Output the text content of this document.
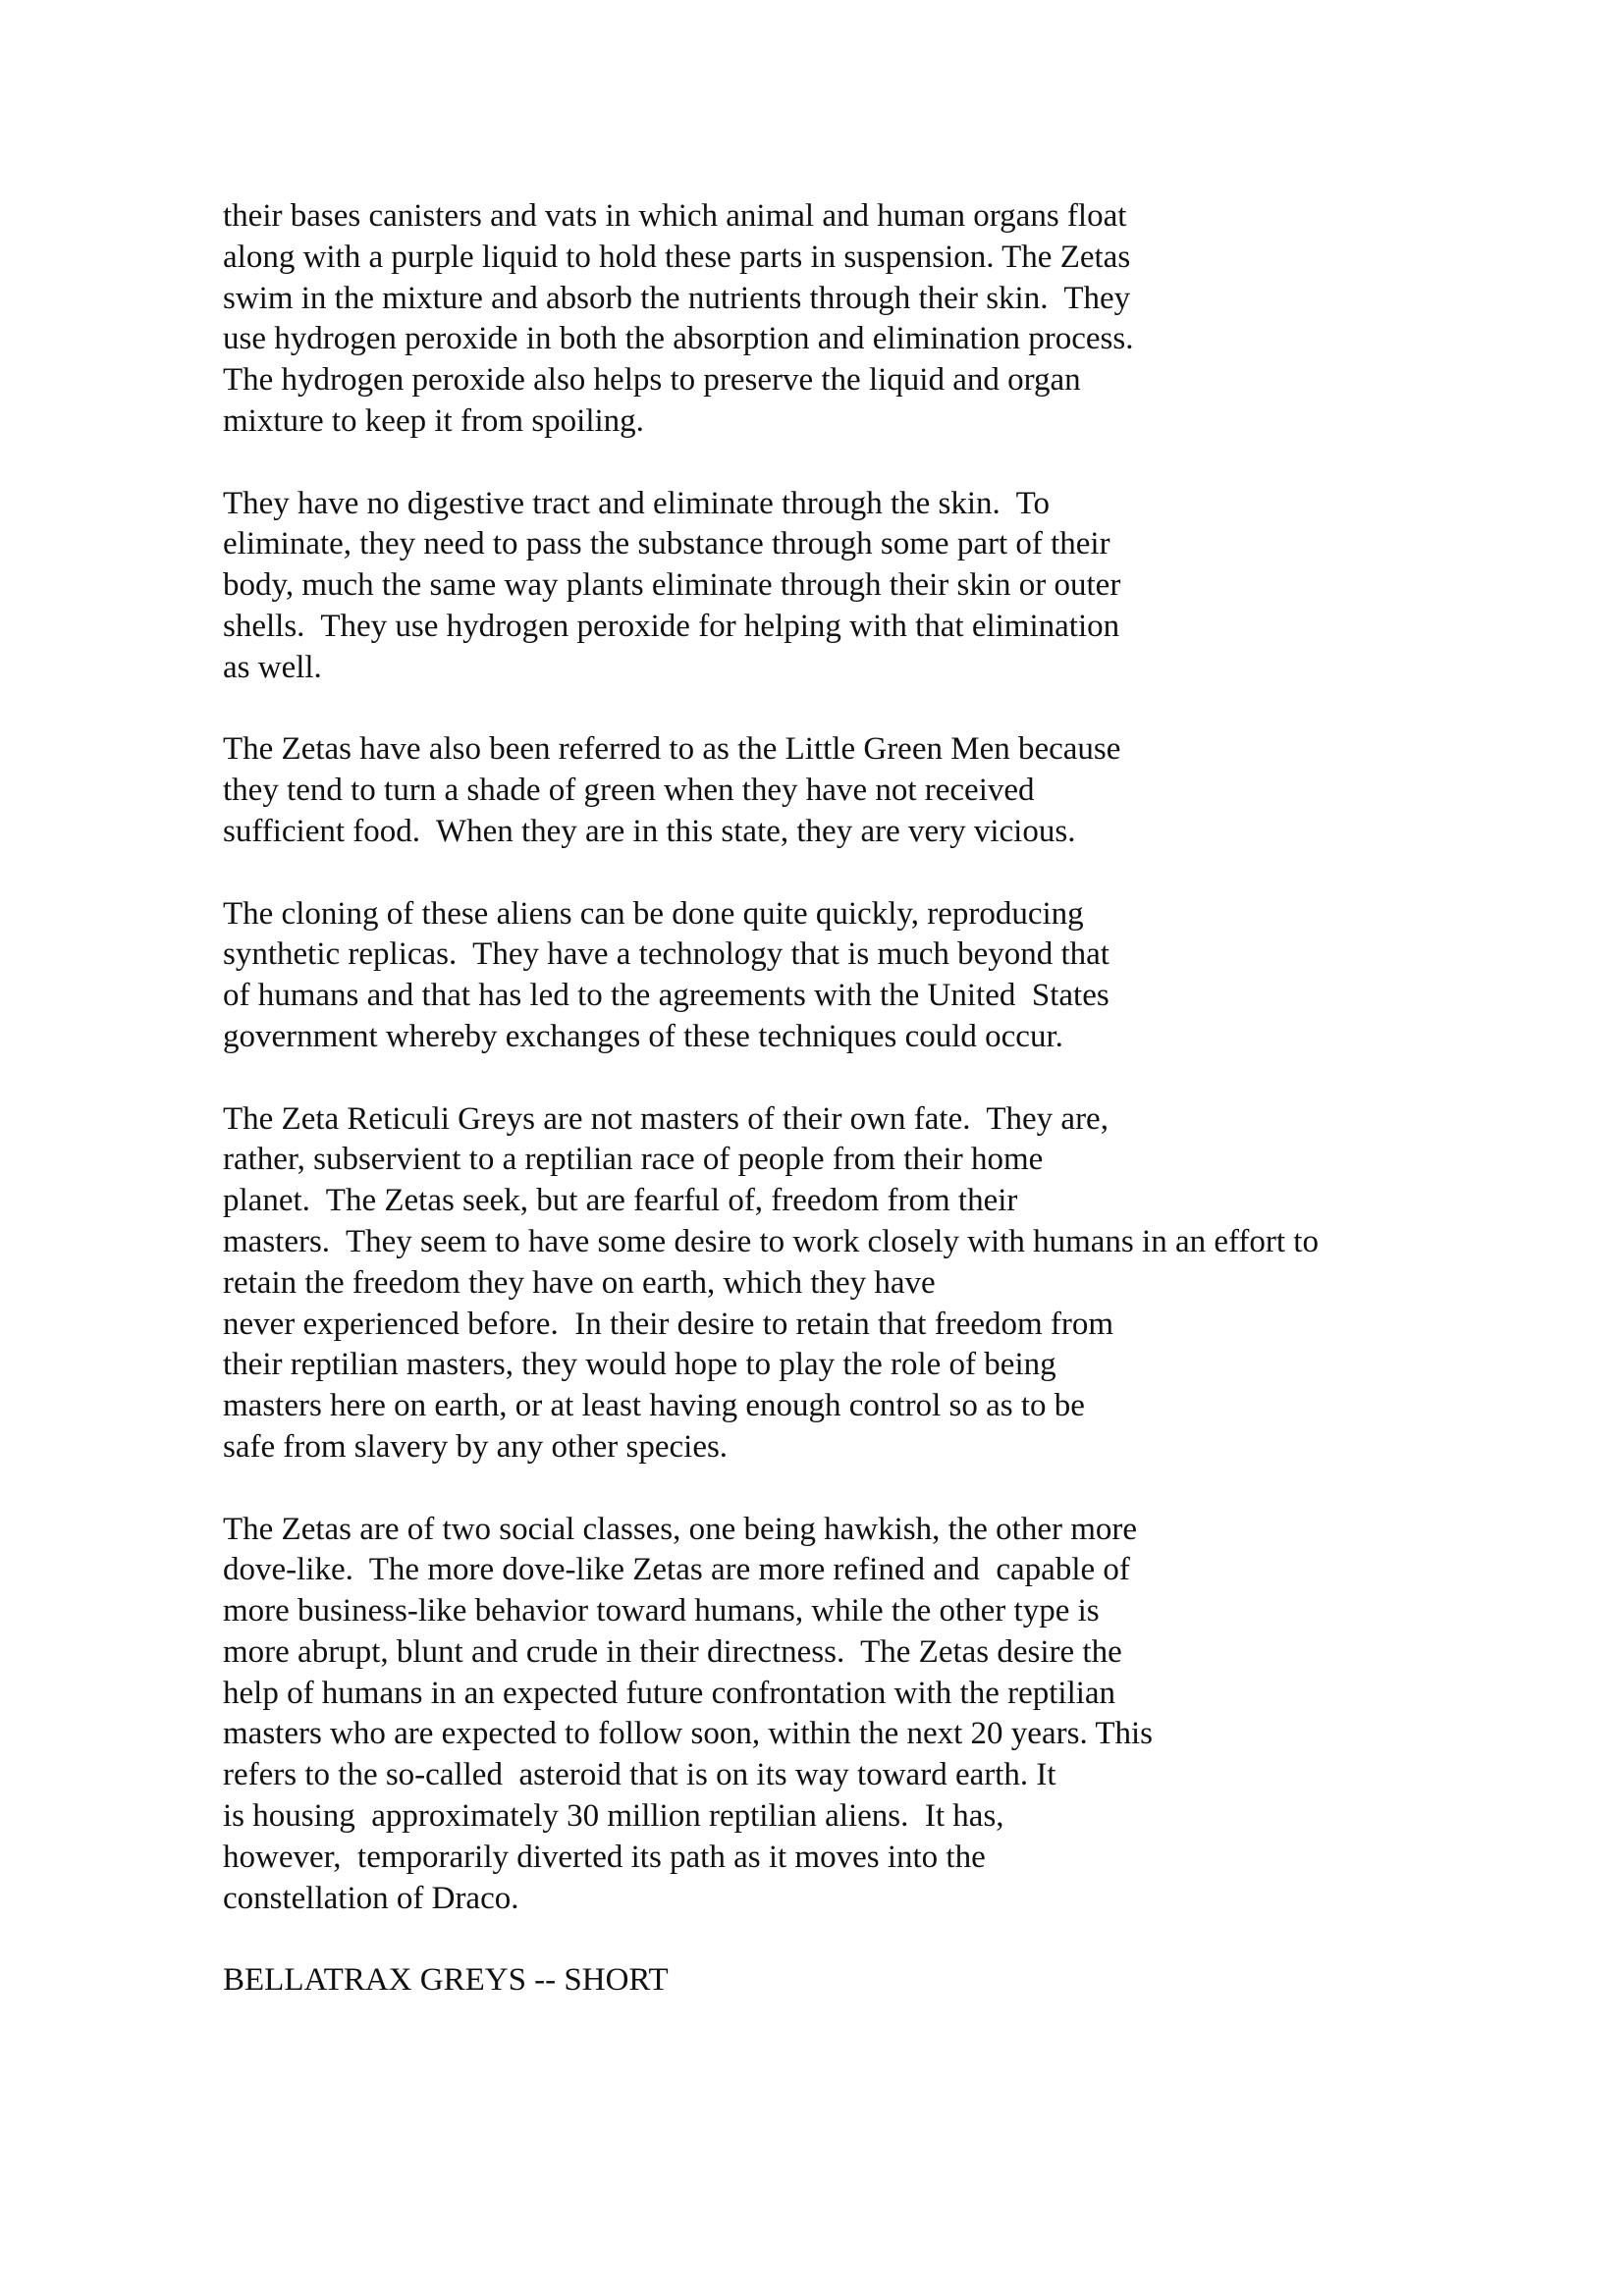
their bases canisters and vats in which animal and human organs float
along with a purple liquid to hold these parts in suspension. The Zetas
swim in the mixture and absorb the nutrients through their skin.  They
use hydrogen peroxide in both the absorption and elimination process.
The hydrogen peroxide also helps to preserve the liquid and organ
mixture to keep it from spoiling.

They have no digestive tract and eliminate through the skin.  To
eliminate, they need to pass the substance through some part of their
body, much the same way plants eliminate through their skin or outer
shells.  They use hydrogen peroxide for helping with that elimination
as well.

The Zetas have also been referred to as the Little Green Men because
they tend to turn a shade of green when they have not received
sufficient food.  When they are in this state, they are very vicious.

The cloning of these aliens can be done quite quickly, reproducing
synthetic replicas.  They have a technology that is much beyond that
of humans and that has led to the agreements with the United  States
government whereby exchanges of these techniques could occur.

The Zeta Reticuli Greys are not masters of their own fate.  They are,
rather, subservient to a reptilian race of people from their home
planet.  The Zetas seek, but are fearful of, freedom from their
masters.  They seem to have some desire to work closely with humans in an effort to
retain the freedom they have on earth, which they have
never experienced before.  In their desire to retain that freedom from
their reptilian masters, they would hope to play the role of being
masters here on earth, or at least having enough control so as to be
safe from slavery by any other species.

The Zetas are of two social classes, one being hawkish, the other more
dove-like.  The more dove-like Zetas are more refined and  capable of
more business-like behavior toward humans, while the other type is
more abrupt, blunt and crude in their directness.  The Zetas desire the
help of humans in an expected future confrontation with the reptilian
masters who are expected to follow soon, within the next 20 years. This
refers to the so-called  asteroid that is on its way toward earth. It
is housing  approximately 30 million reptilian aliens.  It has,
however,  temporarily diverted its path as it moves into the
constellation of Draco.

BELLATRAX GREYS -- SHORT
